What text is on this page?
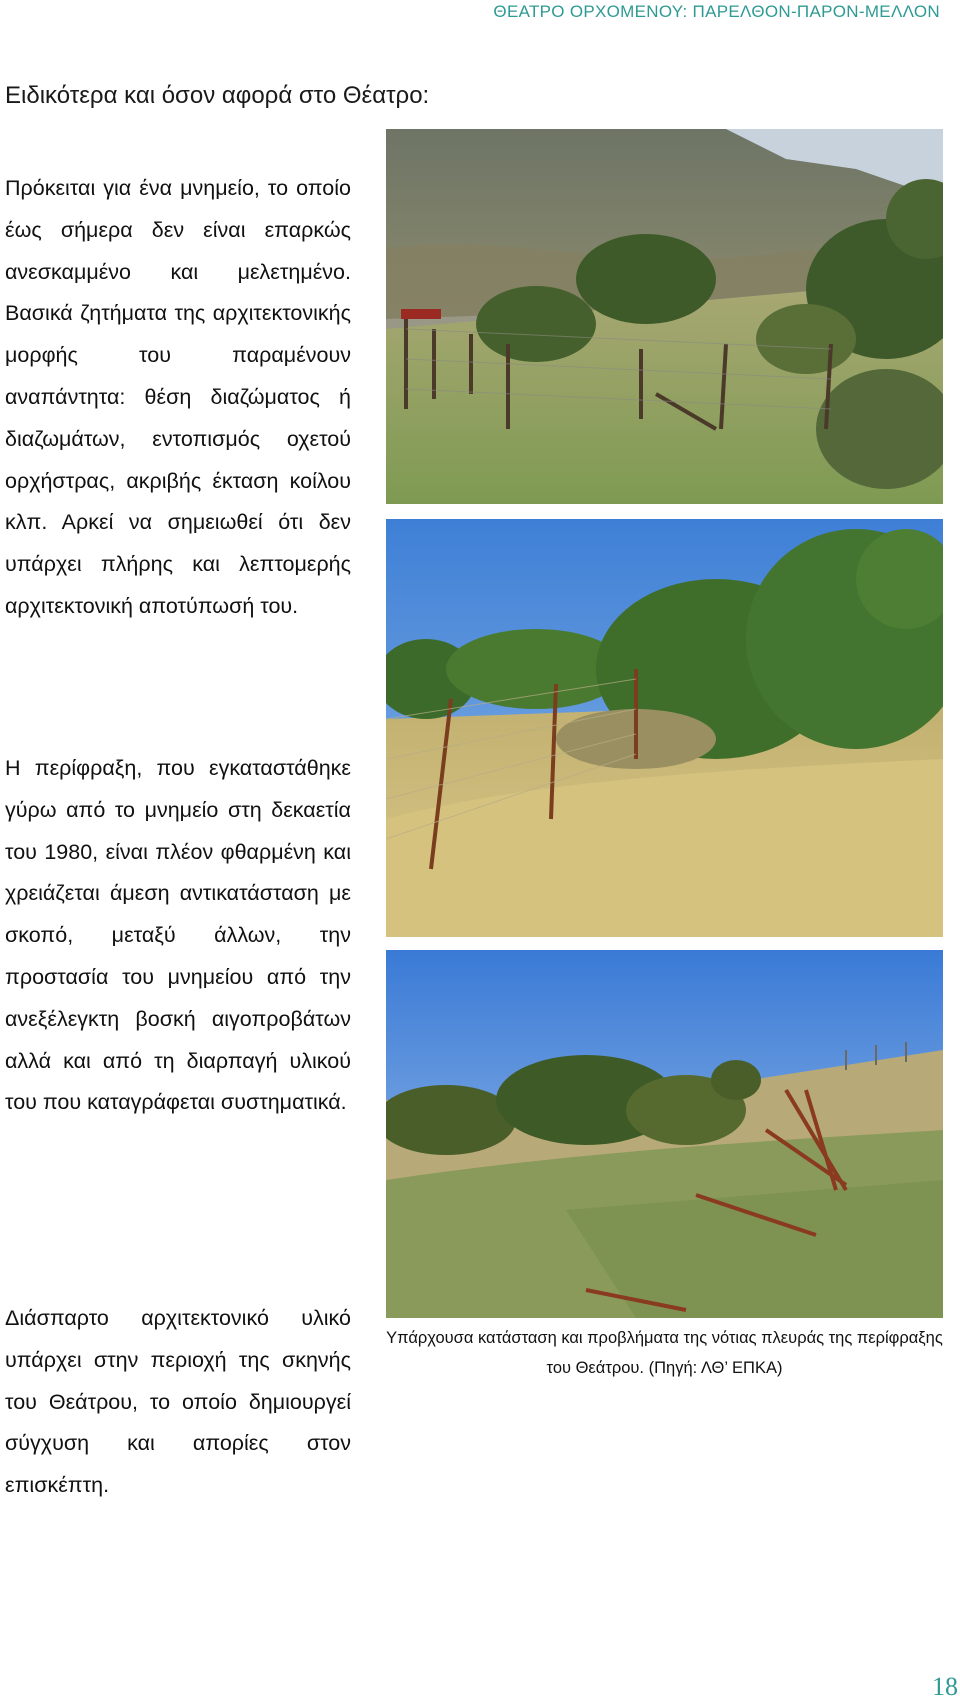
ΘΕΑΤΡΟ ΟΡΧΟΜΕΝΟΥ: ΠΑΡΕΛΘΟΝ-ΠΑΡΟΝ-ΜΕΛΛΟΝ
Ειδικότερα και όσον αφορά στο Θέατρο:
Πρόκειται για ένα μνημείο, το οποίο έως σήμερα δεν είναι επαρκώς ανεσκαμμένο και μελετημένο. Βασικά ζητήματα της αρχιτεκτονικής μορφής του παραμένουν αναπάντητα: θέση διαζώματος ή διαζωμάτων, εντοπισμός οχετού ορχήστρας, ακριβής έκταση κοίλου κλπ. Αρκεί να σημειωθεί ότι δεν υπάρχει πλήρης και λεπτομερής αρχιτεκτονική αποτύπωσή του.
Η περίφραξη, που εγκαταστάθηκε γύρω από το μνημείο στη δεκαετία του 1980, είναι πλέον φθαρμένη και χρειάζεται άμεση αντικατάσταση με σκοπό, μεταξύ άλλων, την προστασία του μνημείου από την ανεξέλεγκτη βοσκή αιγοπροβάτων αλλά και από τη διαρπαγή υλικού του που καταγράφεται συστηματικά.
Διάσπαρτο αρχιτεκτονικό υλικό υπάρχει στην περιοχή της σκηνής του Θεάτρου, το οποίο δημιουργεί σύγχυση και απορίες στον επισκέπτη.
Υπάρχουσα κατάσταση και προβλήματα της νότιας πλευράς της περίφραξης του Θεάτρου. (Πηγή: ΛΘ’ ΕΠΚΑ)
18
